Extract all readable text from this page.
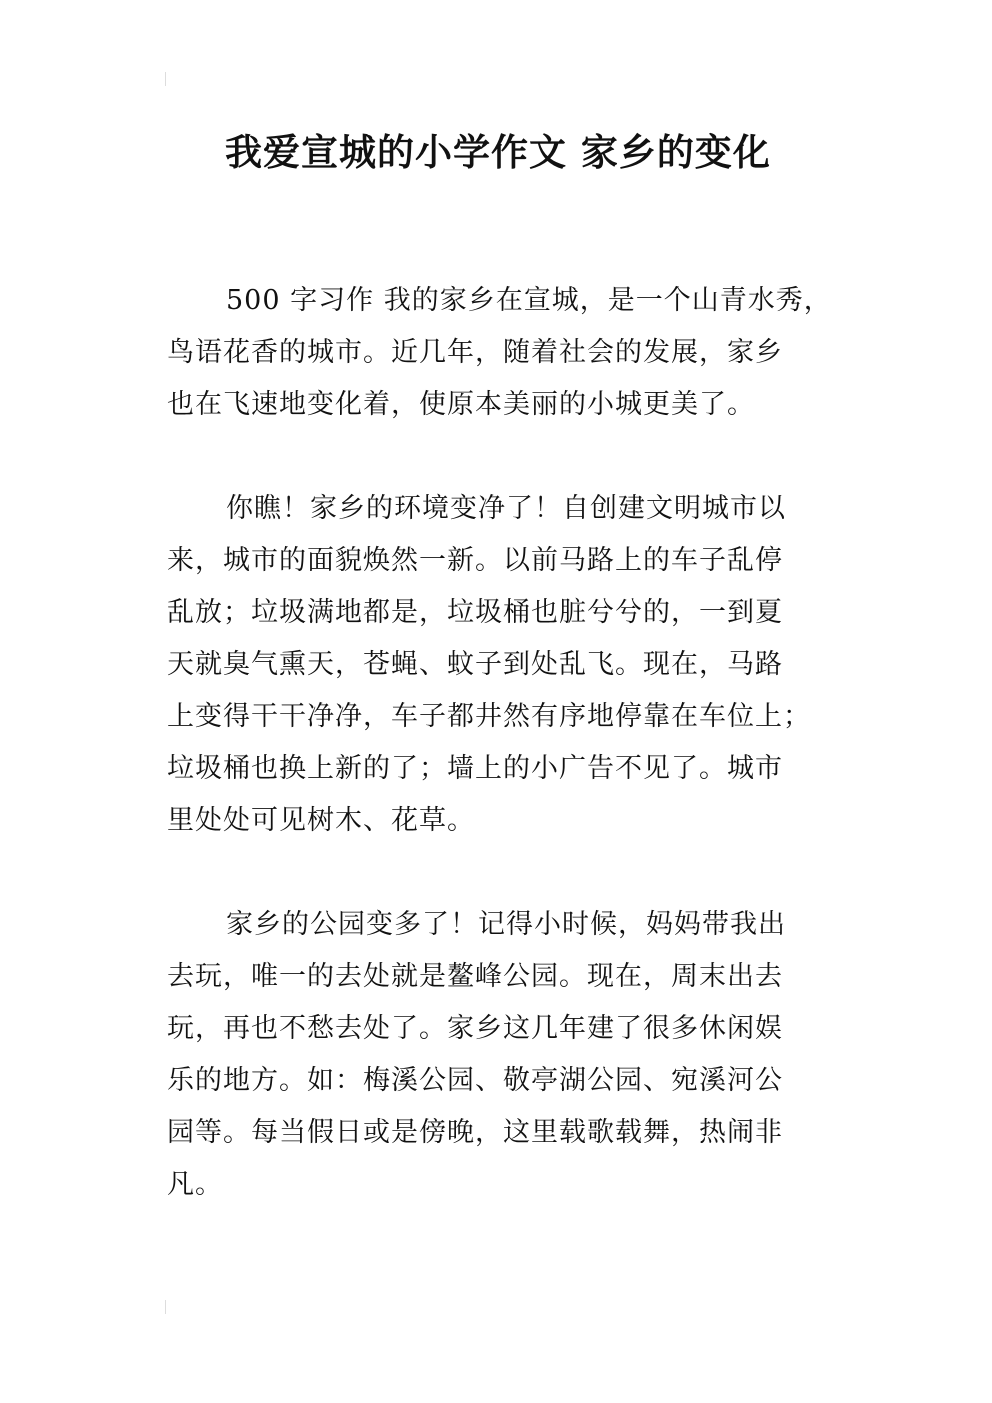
我爱宣城的小学作文 家乡的变化
500 字习作 我的家乡在宣城，是一个山青水秀，
鸟语花香的城市。近几年，随着社会的发展，家乡
也在飞速地变化着，使原本美丽的小城更美了。
你瞧！家乡的环境变净了！自创建文明城市以
来，城市的面貌焕然一新。以前马路上的车子乱停
乱放；垃圾满地都是，垃圾桶也脏兮兮的，一到夏
天就臭气熏天，苍蝇、蚊子到处乱飞。现在，马路
上变得干干净净，车子都井然有序地停靠在车位上；
垃圾桶也换上新的了；墙上的小广告不见了。城市
里处处可见树木、花草。
家乡的公园变多了！记得小时候，妈妈带我出
去玩，唯一的去处就是鳌峰公园。现在，周末出去
玩，再也不愁去处了。家乡这几年建了很多休闲娱
乐的地方。如：梅溪公园、敬亭湖公园、宛溪河公
园等。每当假日或是傍晚，这里载歌载舞，热闹非
凡。
